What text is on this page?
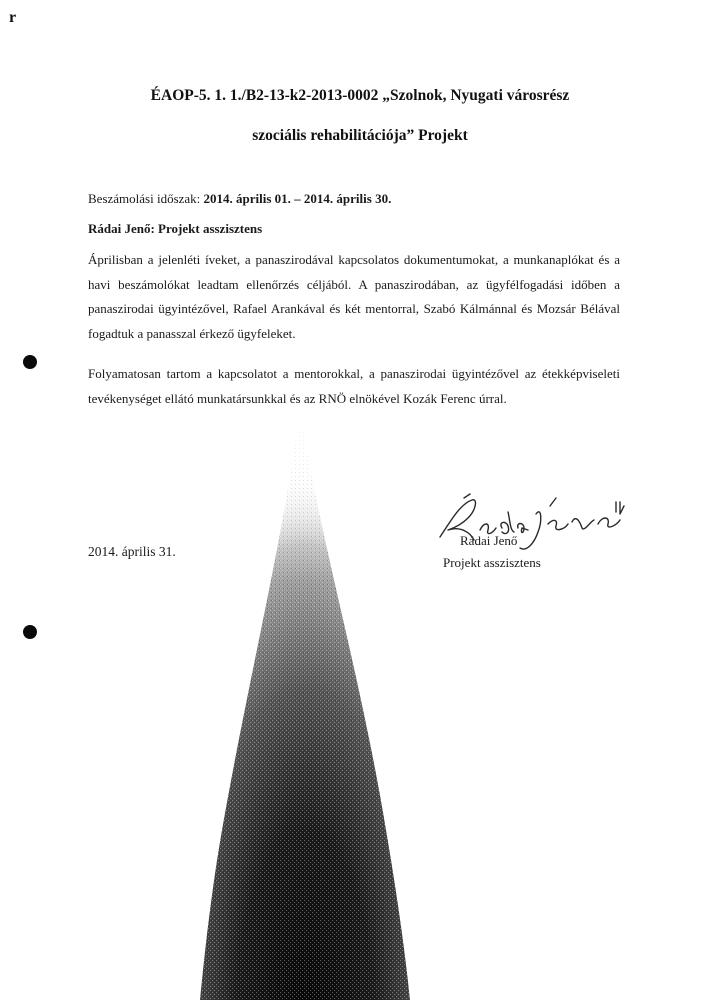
r
ÉAOP-5. 1. 1./B2-13-k2-2013-0002 „Szolnok, Nyugati városrész
szociális rehabilitációja” Projekt
Beszámolási időszak: 2014. április 01. – 2014. április 30.
Rádai Jenő: Projekt asszisztens
Áprilisban a jelenléti íveket, a panaszirodával kapcsolatos dokumentumokat, a munkanaplókat és a havi beszámolókat leadtam ellenőrzés céljából. A panaszirodában, az ügyfélfogadási időben a panaszirodai ügyintézővel, Rafael Arankával és két mentorral, Szabó Kálmánnal és Mozsár Bélával fogadtuk a panasszal érkező ügyfeleket.
Folyamatosan tartom a kapcsolatot a mentorokkal, a panaszirodai ügyintézővel az étekképviseleti tevékenységet ellátó munkatársunkkal és az RNÖ elnökével Kozák Ferenc úrral.
2014. április 31.
Rádai Jenő
Projekt asszisztens
